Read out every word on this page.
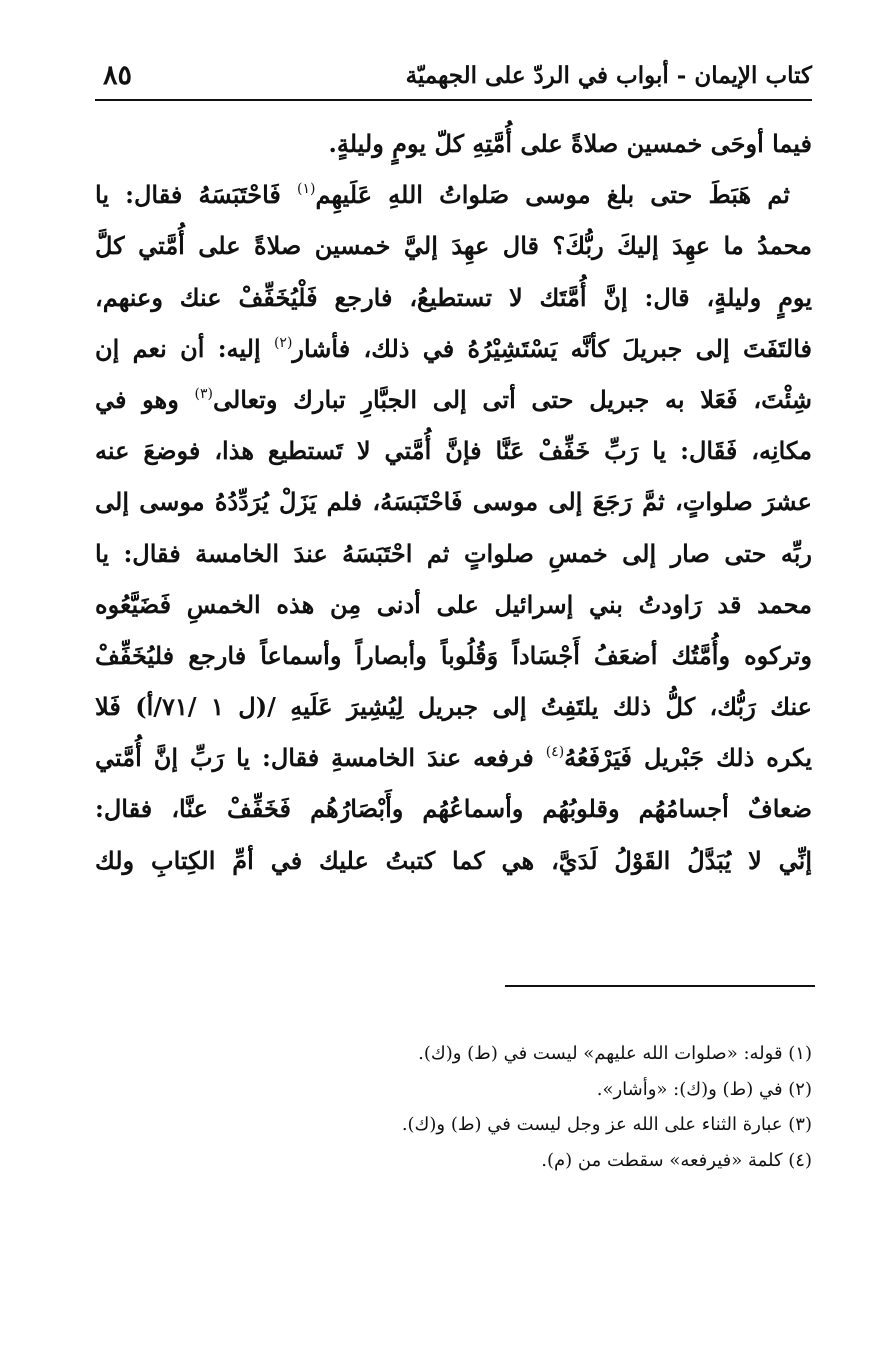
كتاب الإيمان - أبواب في الردّ على الجهميّة
٨٥
فيما أوحَى خمسين صلاةً على أُمَّتِهِ كلّ يومٍ وليلةٍ.
ثم هَبَطَ حتى بلغ موسى صَلواتُ اللهِ عَلَيهِم$^{(١)}$ فَاحْتَبَسَهُ فقال: يا
محمدُ ما عهِدَ إليكَ ربُّكَ؟ قال عهِدَ إليَّ خمسين صلاةً على أُمَّتي كلَّ
يومٍ وليلةٍ، قال: إنَّ أُمَّتَك لا تستطيعُ، فارجع فَلْيُخَفِّفْ عنك وعنهم،
فالتَفَتَ إلى جبريلَ كأنَّه يَسْتَشِيْرُهُ في ذلك، فأشار$^{(٢)}$ إليه: أن نعم إن
شِئْتَ، فَعَلا به جبريل حتى أتى إلى الجبَّارِ تبارك وتعالى$^{(٣)}$ وهو في
مكانِه، فَقَال: يا رَبِّ خَفِّفْ عَنَّا فإنَّ أُمَّتي لا تَستطيع هذا، فوضعَ عنه
عشرَ صلواتٍ، ثمَّ رَجَعَ إلى موسى فَاحْتَبَسَهُ، فلم يَزَلْ يُرَدِّدُهُ موسى إلى
ربِّه حتى صار إلى خمسِ صلواتٍ ثم احْتَبَسَهُ عندَ الخامسة فقال: يا
محمد قد رَاودتُ بني إسرائيل على أدنى مِن هذه الخمسِ فَضَيَّعُوه
وتركوه وأُمَّتُك أضعَفُ أَجْسَاداً وَقُلُوباً وأبصاراً وأسماعاً فارجع فليُخَفِّفْ
عنك رَبُّك، كلُّ ذلك يلتَفِتُ إلى جبريل لِيُشِيرَ عَلَيهِ /(ل ١ /٧١/أ) فَلا
يكره ذلك جَبْريل فَيَرْفَعُهُ$^{(٤)}$ فرفعه عندَ الخامسةِ فقال: يا رَبِّ إنَّ أُمَّتي
ضعافٌ أجسامُهُم وقلوبُهُم وأسماعُهُم وأَبْصَارُهُم فَخَفِّفْ عنَّا، فقال:
إنِّي لا يُبَدَّلُ القَوْلُ لَدَيَّ، هي كما كتبتُ عليك في أمِّ الكِتابِ ولك
(١) قوله: «صلوات الله عليهم» ليست في (ط) و(ك).
(٢) في (ط) و(ك): «وأشار».
(٣) عبارة الثناء على الله عز وجل ليست في (ط) و(ك).
(٤) كلمة «فيرفعه» سقطت من (م).
